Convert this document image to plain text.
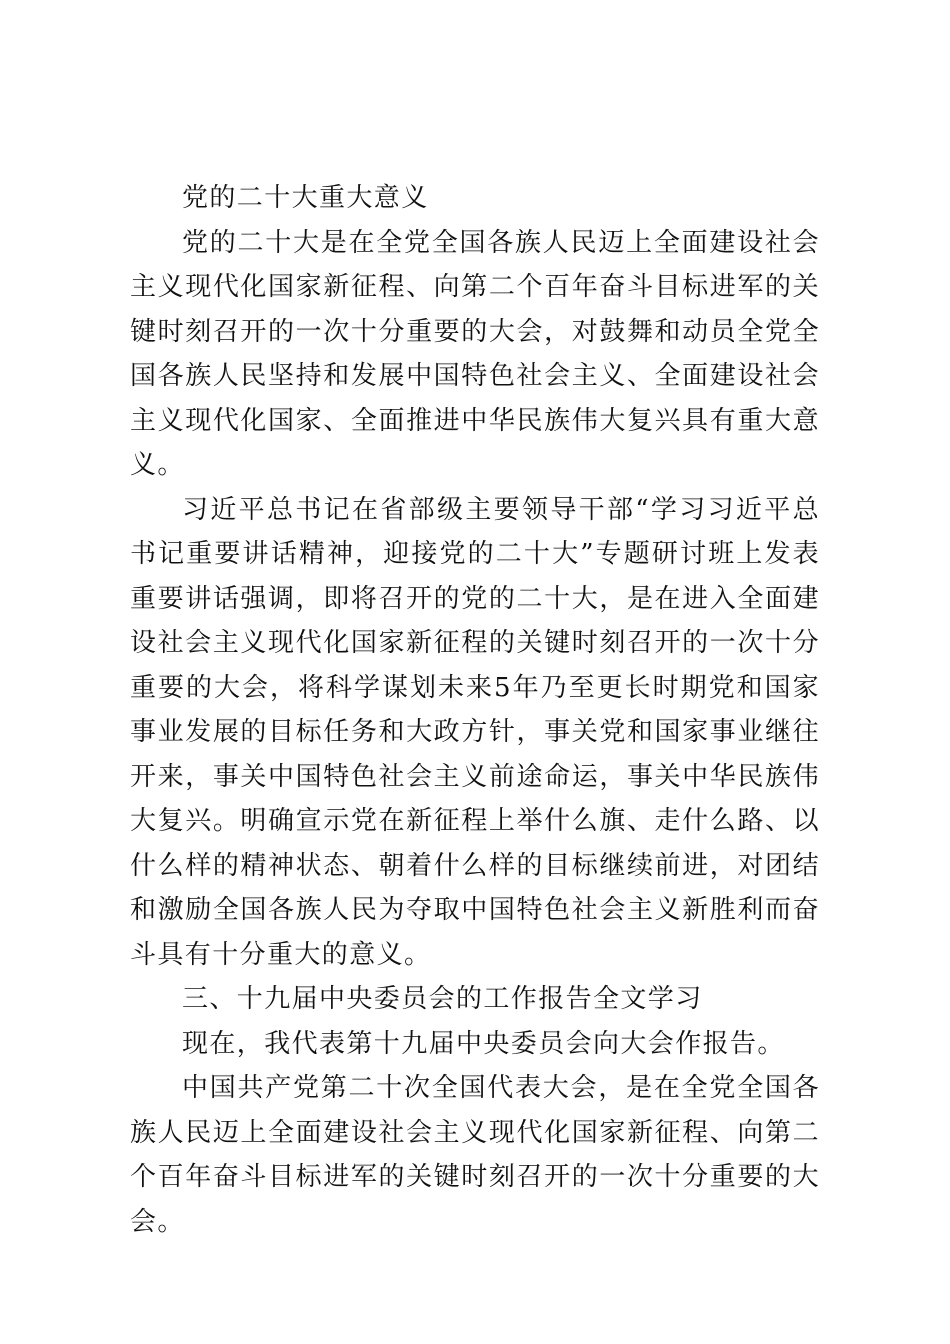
党的二十大重大意义

党的二十大是在全党全国各族人民迈上全面建设社会主义现代化国家新征程、向第二个百年奋斗目标进军的关键时刻召开的一次十分重要的大会，对鼓舞和动员全党全国各族人民坚持和发展中国特色社会主义、全面建设社会主义现代化国家、全面推进中华民族伟大复兴具有重大意义。

习近平总书记在省部级主要领导干部“学习习近平总书记重要讲话精神，迎接党的二十大”专题研讨班上发表重要讲话强调，即将召开的党的二十大，是在进入全面建设社会主义现代化国家新征程的关键时刻召开的一次十分重要的大会，将科学谋划未来5年乃至更长时期党和国家事业发展的目标任务和大政方针，事关党和国家事业继往开来，事关中国特色社会主义前途命运，事关中华民族伟大复兴。明确宣示党在新征程上举什么旗、走什么路、以什么样的精神状态、朝着什么样的目标继续前进，对团结和激励全国各族人民为夺取中国特色社会主义新胜利而奋斗具有十分重大的意义。

三、十九届中央委员会的工作报告全文学习

现在，我代表第十九届中央委员会向大会作报告。

中国共产党第二十次全国代表大会，是在全党全国各族人民迈上全面建设社会主义现代化国家新征程、向第二个百年奋斗目标进军的关键时刻召开的一次十分重要的大会。
